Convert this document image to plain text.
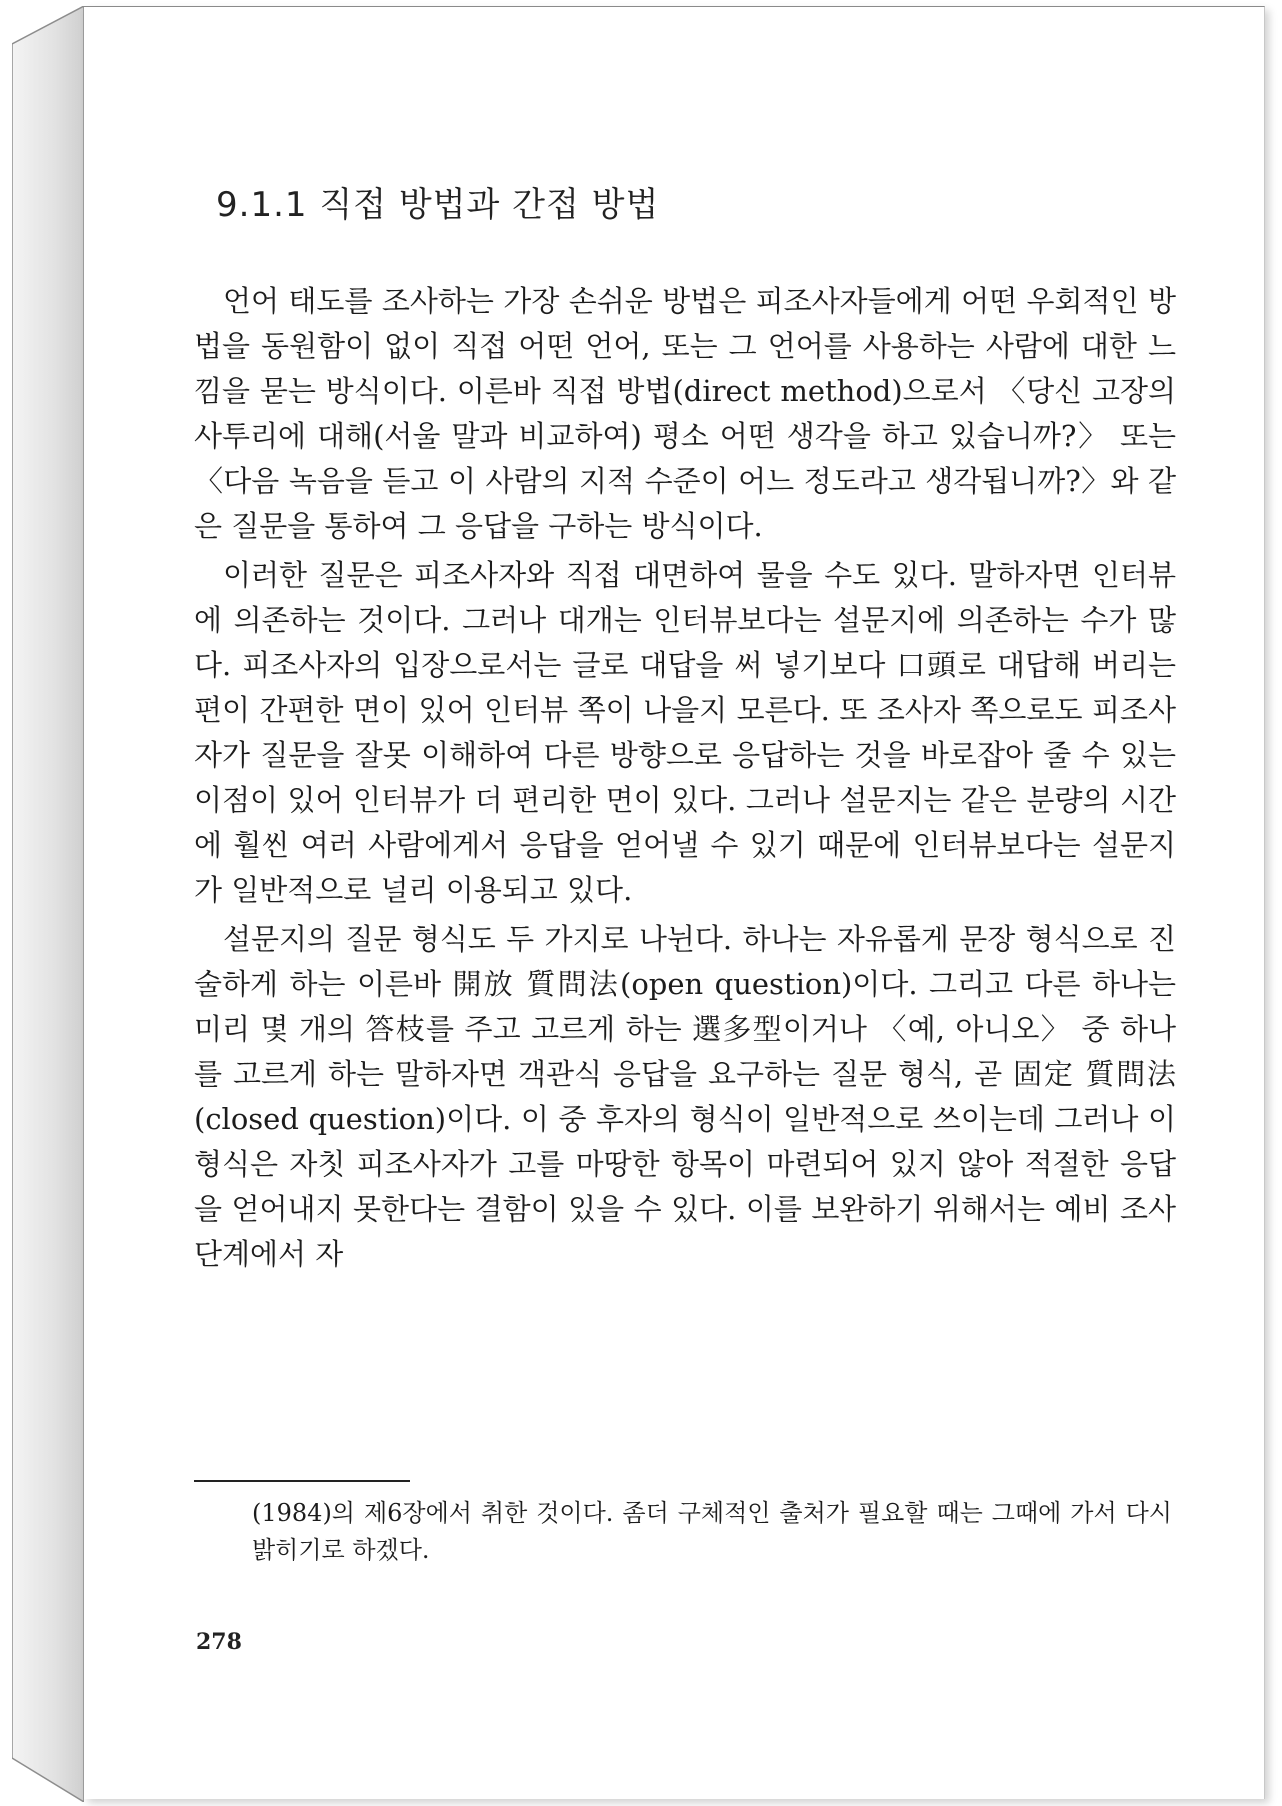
9.1.1 직접 방법과 간접 방법

언어 태도를 조사하는 가장 손쉬운 방법은 피조사자들에게 어떤 우회적인 방법을 동원함이 없이 직접 어떤 언어, 또는 그 언어를 사용하는 사람에 대한 느낌을 묻는 방식이다. 이른바 직접 방법(direct method)으로서 〈당신 고장의 사투리에 대해(서울 말과 비교하여) 평소 어떤 생각을 하고 있습니까?〉 또는 〈다음 녹음을 듣고 이 사람의 지적 수준이 어느 정도라고 생각됩니까?〉와 같은 질문을 통하여 그 응답을 구하는 방식이다.

이러한 질문은 피조사자와 직접 대면하여 물을 수도 있다. 말하자면 인터뷰에 의존하는 것이다. 그러나 대개는 인터뷰보다는 설문지에 의존하는 수가 많다. 피조사자의 입장으로서는 글로 대답을 써 넣기보다 口頭로 대답해 버리는 편이 간편한 면이 있어 인터뷰 쪽이 나을지 모른다. 또 조사자 쪽으로도 피조사자가 질문을 잘못 이해하여 다른 방향으로 응답하는 것을 바로잡아 줄 수 있는 이점이 있어 인터뷰가 더 편리한 면이 있다. 그러나 설문지는 같은 분량의 시간에 훨씬 여러 사람에게서 응답을 얻어낼 수 있기 때문에 인터뷰보다는 설문지가 일반적으로 널리 이용되고 있다.

설문지의 질문 형식도 두 가지로 나뉜다. 하나는 자유롭게 문장 형식으로 진술하게 하는 이른바 開放 質問法(open question)이다. 그리고 다른 하나는 미리 몇 개의 答枝를 주고 고르게 하는 選多型이거나 〈예, 아니오〉 중 하나를 고르게 하는 말하자면 객관식 응답을 요구하는 질문 형식, 곧 固定 質問法(closed question)이다. 이 중 후자의 형식이 일반적으로 쓰이는데 그러나 이 형식은 자칫 피조사자가 고를 마땅한 항목이 마련되어 있지 않아 적절한 응답을 얻어내지 못한다는 결함이 있을 수 있다. 이를 보완하기 위해서는 예비 조사 단계에서 자

(1984)의 제6장에서 취한 것이다. 좀더 구체적인 출처가 필요할 때는 그때에 가서 다시 밝히기로 하겠다.
278
